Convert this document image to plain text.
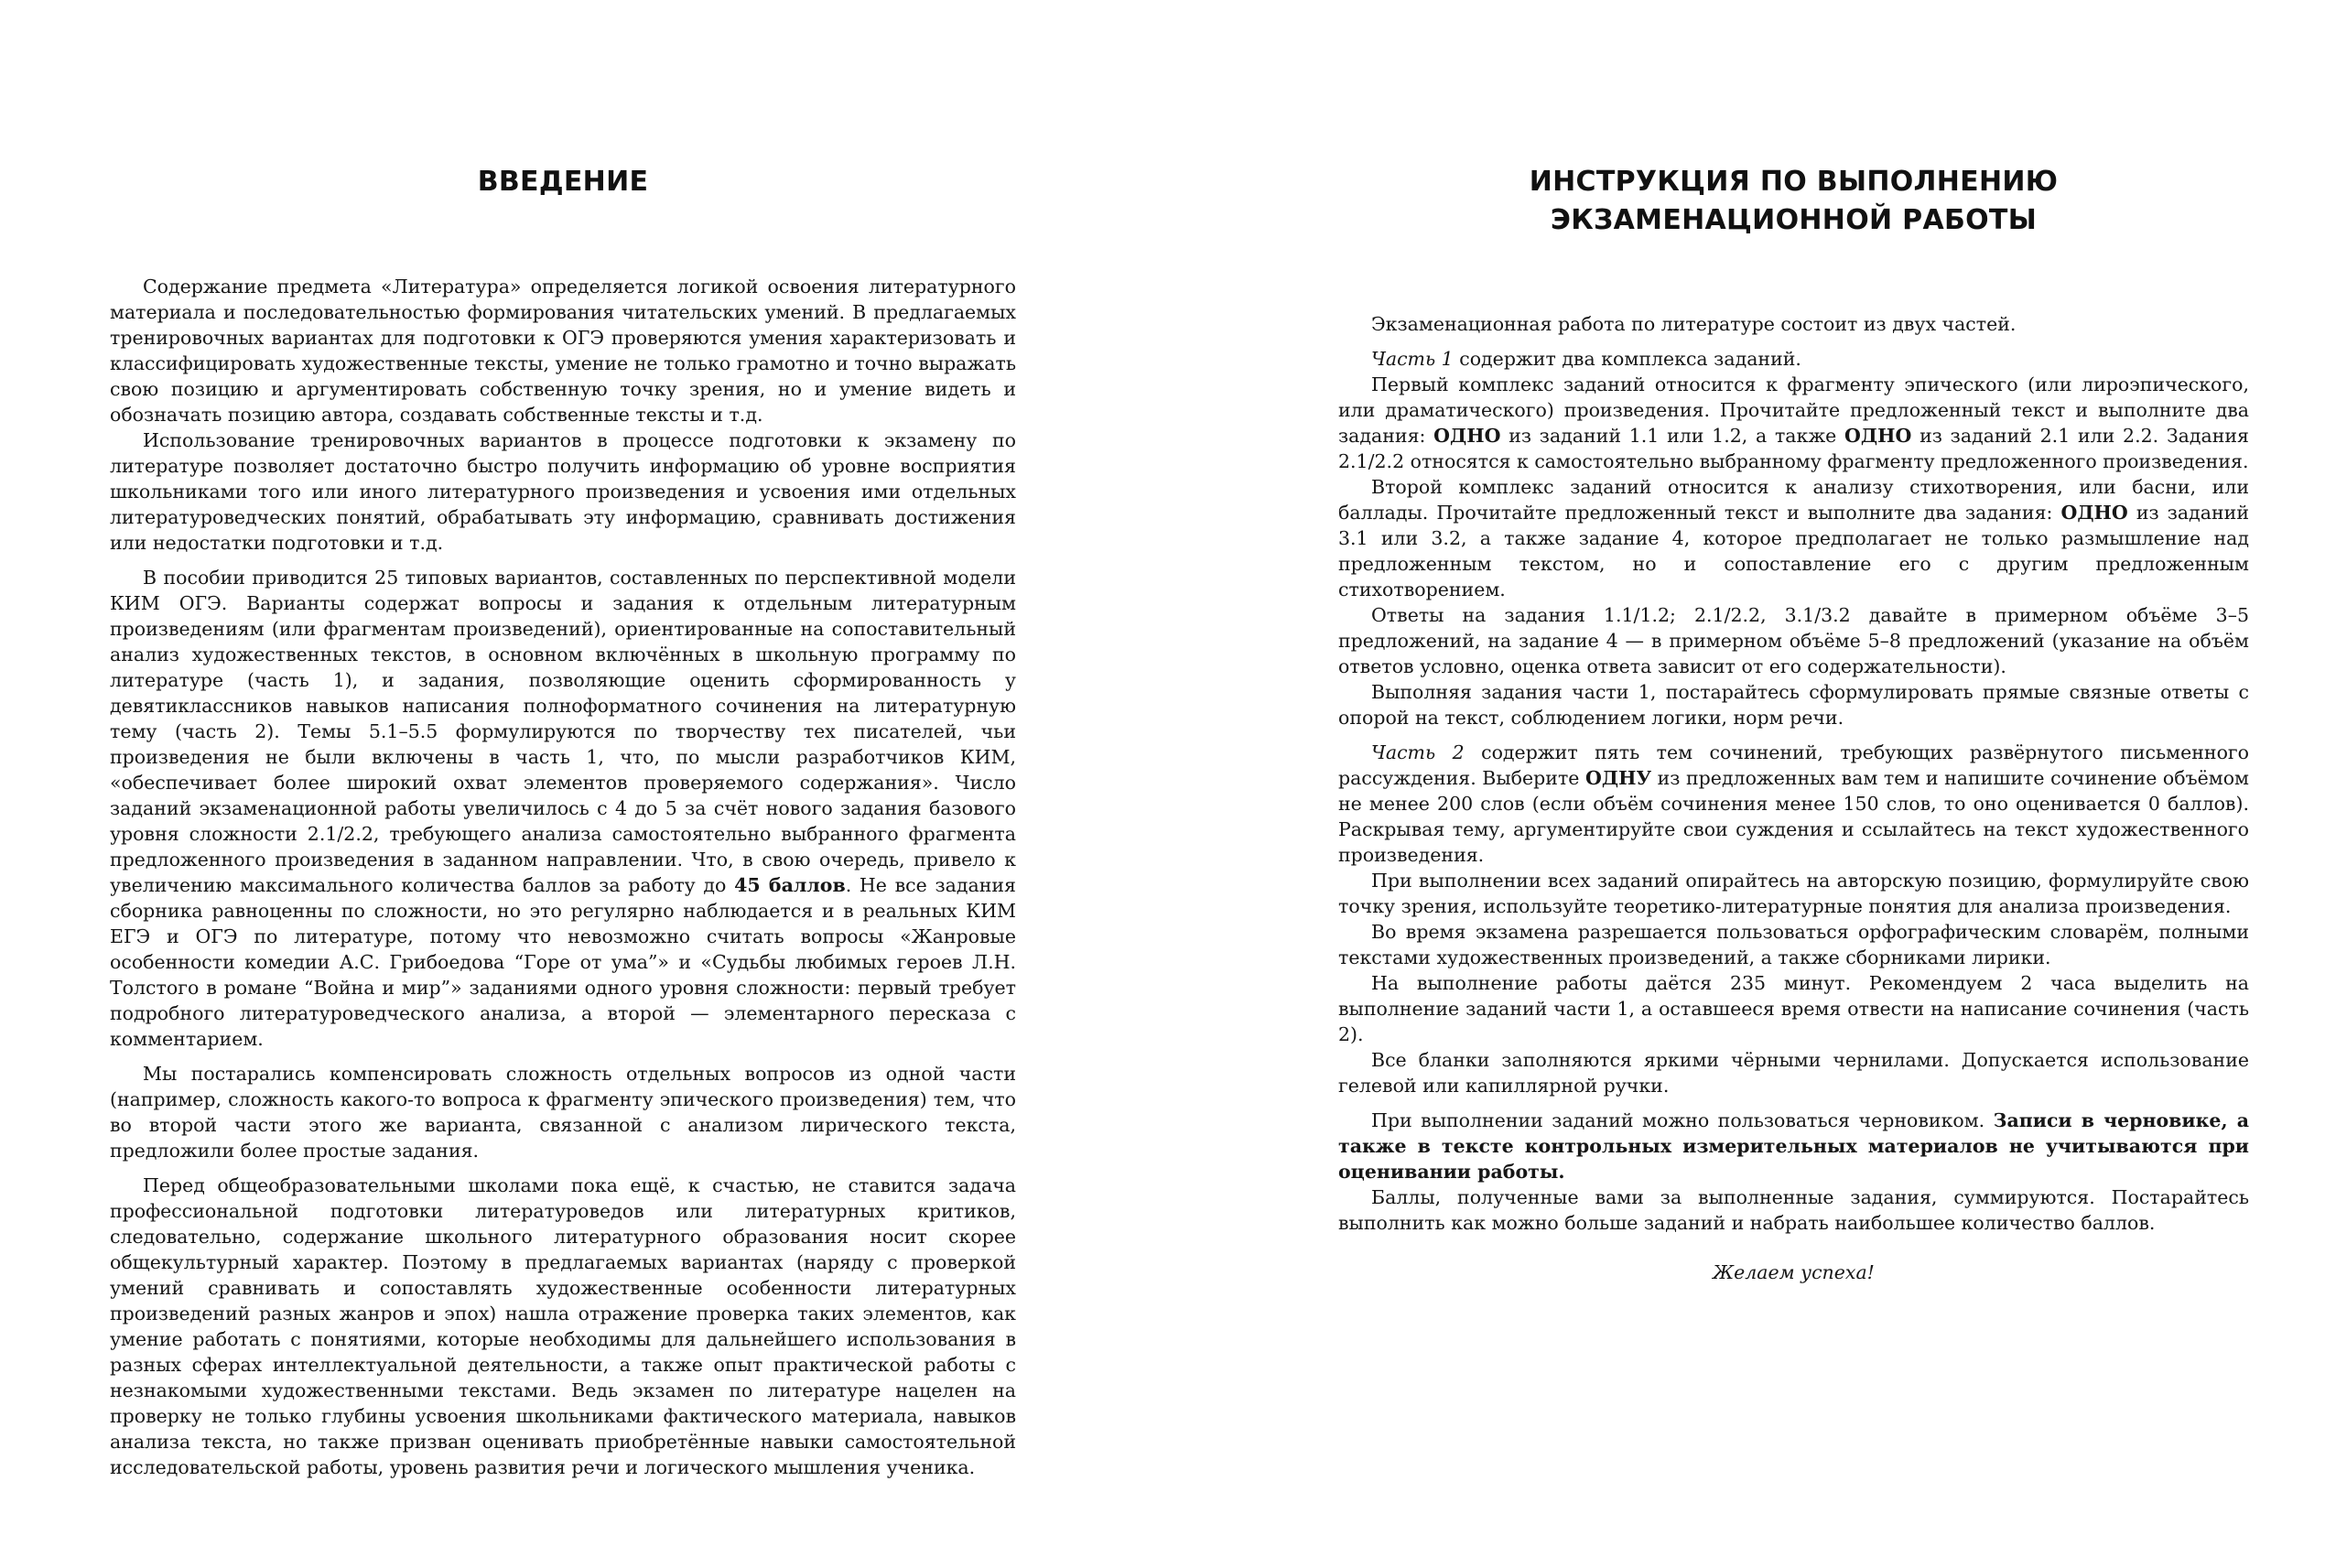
ВВЕДЕНИЕ

Содержание предмета «Литература» определяется логикой освоения литературного материала и последовательностью формирования читательских умений. В предлагаемых тренировочных вариантах для подготовки к ОГЭ проверяются умения характеризовать и классифицировать художественные тексты, умение не только грамотно и точно выражать свою позицию и аргументировать собственную точку зрения, но и умение видеть и обозначать позицию автора, создавать собственные тексты и т.д.

Использование тренировочных вариантов в процессе подготовки к экзамену по литературе позволяет достаточно быстро получить информацию об уровне восприятия школьниками того или иного литературного произведения и усвоения ими отдельных литературоведческих понятий, обрабатывать эту информацию, сравнивать достижения или недостатки подготовки и т.д.

В пособии приводится 25 типовых вариантов, составленных по перспективной модели КИМ ОГЭ. Варианты содержат вопросы и задания к отдельным литературным произведениям (или фрагментам произведений), ориентированные на сопоставительный анализ художественных текстов, в основном включённых в школьную программу по литературе (часть 1), и задания, позволяющие оценить сформированность у девятиклассников навыков написания полноформатного сочинения на литературную тему (часть 2). Темы 5.1–5.5 формулируются по творчеству тех писателей, чьи произведения не были включены в часть 1, что, по мысли разработчиков КИМ, «обеспечивает более широкий охват элементов проверяемого содержания». Число заданий экзаменационной работы увеличилось с 4 до 5 за счёт нового задания базового уровня сложности 2.1/2.2, требующего анализа самостоятельно выбранного фрагмента предложенного произведения в заданном направлении. Что, в свою очередь, привело к увеличению максимального количества баллов за работу до 45 баллов. Не все задания сборника равноценны по сложности, но это регулярно наблюдается и в реальных КИМ ЕГЭ и ОГЭ по литературе, потому что невозможно считать вопросы «Жанровые особенности комедии А.С. Грибоедова “Горе от ума”» и «Судьбы любимых героев Л.Н. Толстого в романе “Война и мир”» заданиями одного уровня сложности: первый требует подробного литературоведческого анализа, а второй — элементарного пересказа с комментарием.

Мы постарались компенсировать сложность отдельных вопросов из одной части (например, сложность какого-то вопроса к фрагменту эпического произведения) тем, что во второй части этого же варианта, связанной с анализом лирического текста, предложили более простые задания.

Перед общеобразовательными школами пока ещё, к счастью, не ставится задача профессиональной подготовки литературоведов или литературных критиков, следовательно, содержание школьного литературного образования носит скорее общекультурный характер. Поэтому в предлагаемых вариантах (наряду с проверкой умений сравнивать и сопоставлять художественные особенности литературных произведений разных жанров и эпох) нашла отражение проверка таких элементов, как умение работать с понятиями, которые необходимы для дальнейшего использования в разных сферах интеллектуальной деятельности, а также опыт практической работы с незнакомыми художественными текстами. Ведь экзамен по литературе нацелен на проверку не только глубины усвоения школьниками фактического материала, навыков анализа текста, но также призван оценивать приобретённые навыки самостоятельной исследовательской работы, уровень развития речи и логического мышления ученика.

ИНСТРУКЦИЯ ПО ВЫПОЛНЕНИЮ
ЭКЗАМЕНАЦИОННОЙ РАБОТЫ

Экзаменационная работа по литературе состоит из двух частей.

Часть 1 содержит два комплекса заданий.

Первый комплекс заданий относится к фрагменту эпического (или лироэпического, или драматического) произведения. Прочитайте предложенный текст и выполните два задания: ОДНО из заданий 1.1 или 1.2, а также ОДНО из заданий 2.1 или 2.2. Задания 2.1/2.2 относятся к самостоятельно выбранному фрагменту предложенного произведения.

Второй комплекс заданий относится к анализу стихотворения, или басни, или баллады. Прочитайте предложенный текст и выполните два задания: ОДНО из заданий 3.1 или 3.2, а также задание 4, которое предполагает не только размышление над предложенным текстом, но и сопоставление его с другим предложенным стихотворением.

Ответы на задания 1.1/1.2; 2.1/2.2, 3.1/3.2 давайте в примерном объёме 3–5 предложений, на задание 4 — в примерном объёме 5–8 предложений (указание на объём ответов условно, оценка ответа зависит от его содержательности).

Выполняя задания части 1, постарайтесь сформулировать прямые связные ответы с опорой на текст, соблюдением логики, норм речи.

Часть 2 содержит пять тем сочинений, требующих развёрнутого письменного рассуждения. Выберите ОДНУ из предложенных вам тем и напишите сочинение объёмом не менее 200 слов (если объём сочинения менее 150 слов, то оно оценивается 0 баллов). Раскрывая тему, аргументируйте свои суждения и ссылайтесь на текст художественного произведения.

При выполнении всех заданий опирайтесь на авторскую позицию, формулируйте свою точку зрения, используйте теоретико-литературные понятия для анализа произведения.

Во время экзамена разрешается пользоваться орфографическим словарём, полными текстами художественных произведений, а также сборниками лирики.

На выполнение работы даётся 235 минут. Рекомендуем 2 часа выделить на выполнение заданий части 1, а оставшееся время отвести на написание сочинения (часть 2).

Все бланки заполняются яркими чёрными чернилами. Допускается использование гелевой или капиллярной ручки.

При выполнении заданий можно пользоваться черновиком. Записи в черновике, а также в тексте контрольных измерительных материалов не учитываются при оценивании работы.

Баллы, полученные вами за выполненные задания, суммируются. Постарайтесь выполнить как можно больше заданий и набрать наибольшее количество баллов.

Желаем успеха!
